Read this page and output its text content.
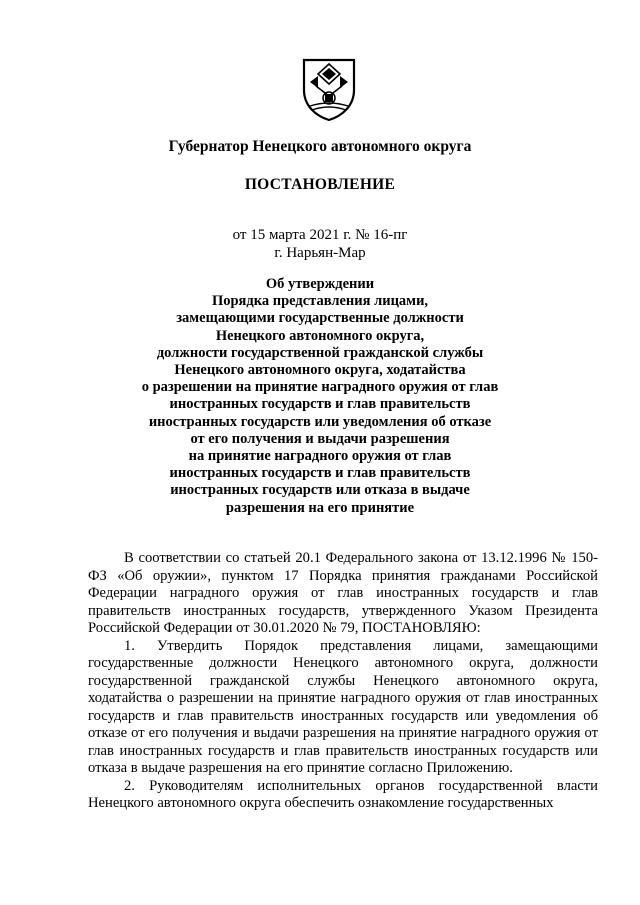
Губернатор Ненецкого автономного округа
ПОСТАНОВЛЕНИЕ
от 15 марта 2021 г. № 16-пг
г. Нарьян-Мар
Об утверждении
Порядка представления лицами,
замещающими государственные должности
Ненецкого автономного округа,
должности государственной гражданской службы
Ненецкого автономного округа, ходатайства
о разрешении на принятие наградного оружия от глав
иностранных государств и глав правительств
иностранных государств или уведомления об отказе
от его получения и выдачи разрешения
на принятие наградного оружия от глав
иностранных государств и глав правительств
иностранных государств или отказа в выдаче
разрешения на его принятие

В соответствии со статьей 20.1 Федерального закона от 13.12.1996 № 150-ФЗ «Об оружии», пунктом 17 Порядка принятия гражданами Российской Федерации наградного оружия от глав иностранных государств и глав правительств иностранных государств, утвержденного Указом Президента Российской Федерации от 30.01.2020 № 79, ПОСТАНОВЛЯЮ:

1. Утвердить Порядок представления лицами, замещающими государственные должности Ненецкого автономного округа, должности государственной гражданской службы Ненецкого автономного округа, ходатайства о разрешении на принятие наградного оружия от глав иностранных государств и глав правительств иностранных государств или уведомления об отказе от его получения и выдачи разрешения на принятие наградного оружия от глав иностранных государств и глав правительств иностранных государств или отказа в выдаче разрешения на его принятие согласно Приложению.

2. Руководителям исполнительных органов государственной власти Ненецкого автономного округа обеспечить ознакомление государственных
